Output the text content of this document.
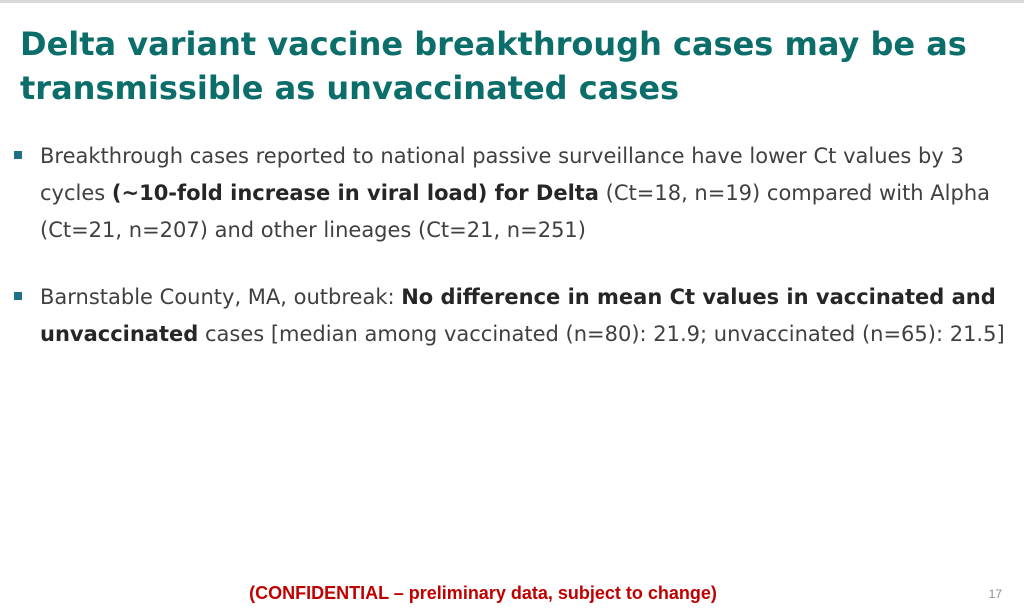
Delta variant vaccine breakthrough cases may be as transmissible as unvaccinated cases
Breakthrough cases reported to national passive surveillance have lower Ct values by 3 cycles (~10-fold increase in viral load) for Delta (Ct=18, n=19) compared with Alpha (Ct=21, n=207) and other lineages (Ct=21, n=251)
Barnstable County, MA, outbreak: No difference in mean Ct values in vaccinated and unvaccinated cases [median among vaccinated (n=80): 21.9; unvaccinated (n=65): 21.5]
(CONFIDENTIAL – preliminary data, subject to change)	17
